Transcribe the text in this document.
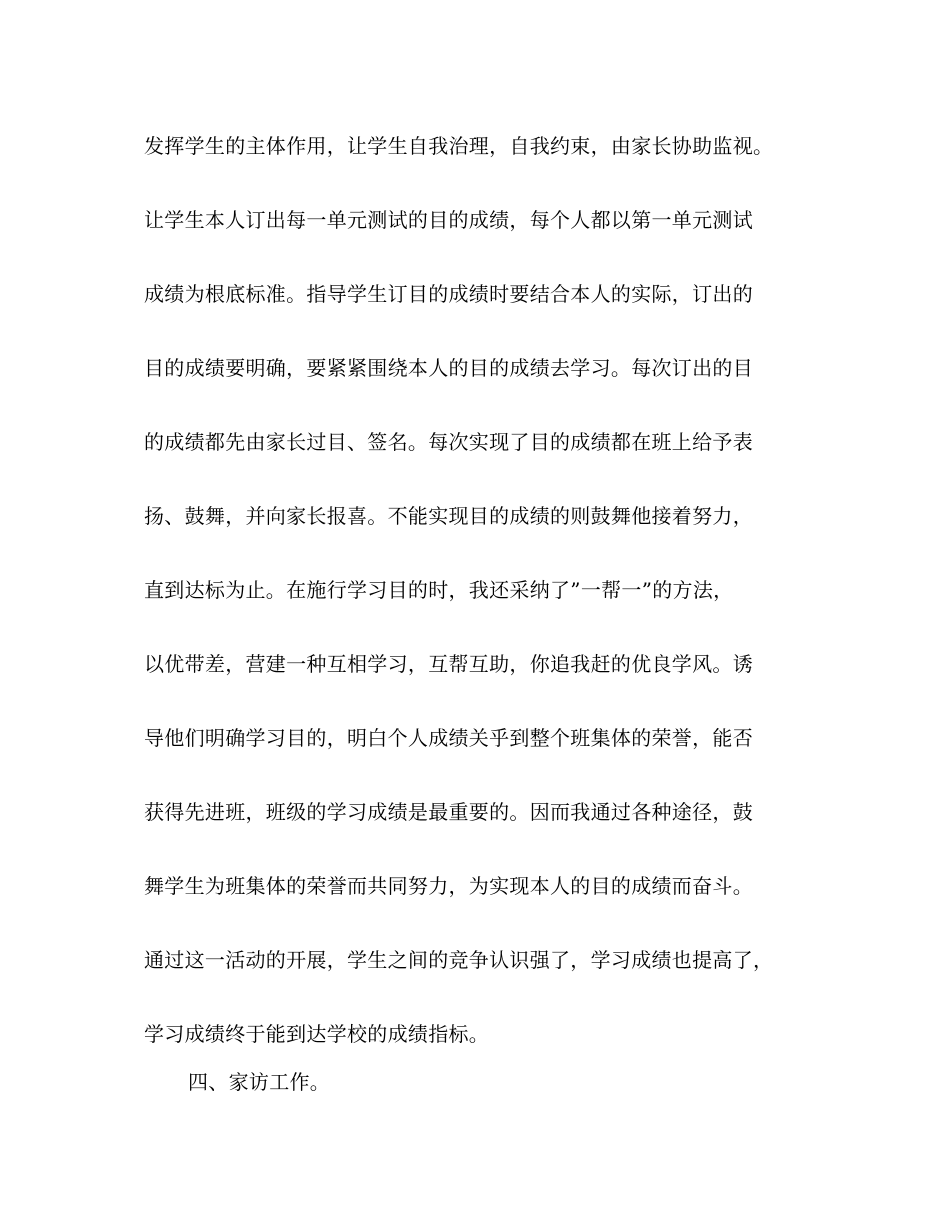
发挥学生的主体作用，让学生自我治理，自我约束，由家长协助监视。
让学生本人订出每一单元测试的目的成绩，每个人都以第一单元测试
成绩为根底标准。指导学生订目的成绩时要结合本人的实际，订出的
目的成绩要明确，要紧紧围绕本人的目的成绩去学习。每次订出的目
的成绩都先由家长过目、签名。每次实现了目的成绩都在班上给予表
扬、鼓舞，并向家长报喜。不能实现目的成绩的则鼓舞他接着努力，
直到达标为止。在施行学习目的时，我还采纳了”一帮一”的方法，
以优带差，营建一种互相学习，互帮互助，你追我赶的优良学风。诱
导他们明确学习目的，明白个人成绩关乎到整个班集体的荣誉，能否
获得先进班，班级的学习成绩是最重要的。因而我通过各种途径，鼓
舞学生为班集体的荣誉而共同努力，为实现本人的目的成绩而奋斗。
通过这一活动的开展，学生之间的竞争认识强了，学习成绩也提高了，
学习成绩终于能到达学校的成绩指标。
四、家访工作。
